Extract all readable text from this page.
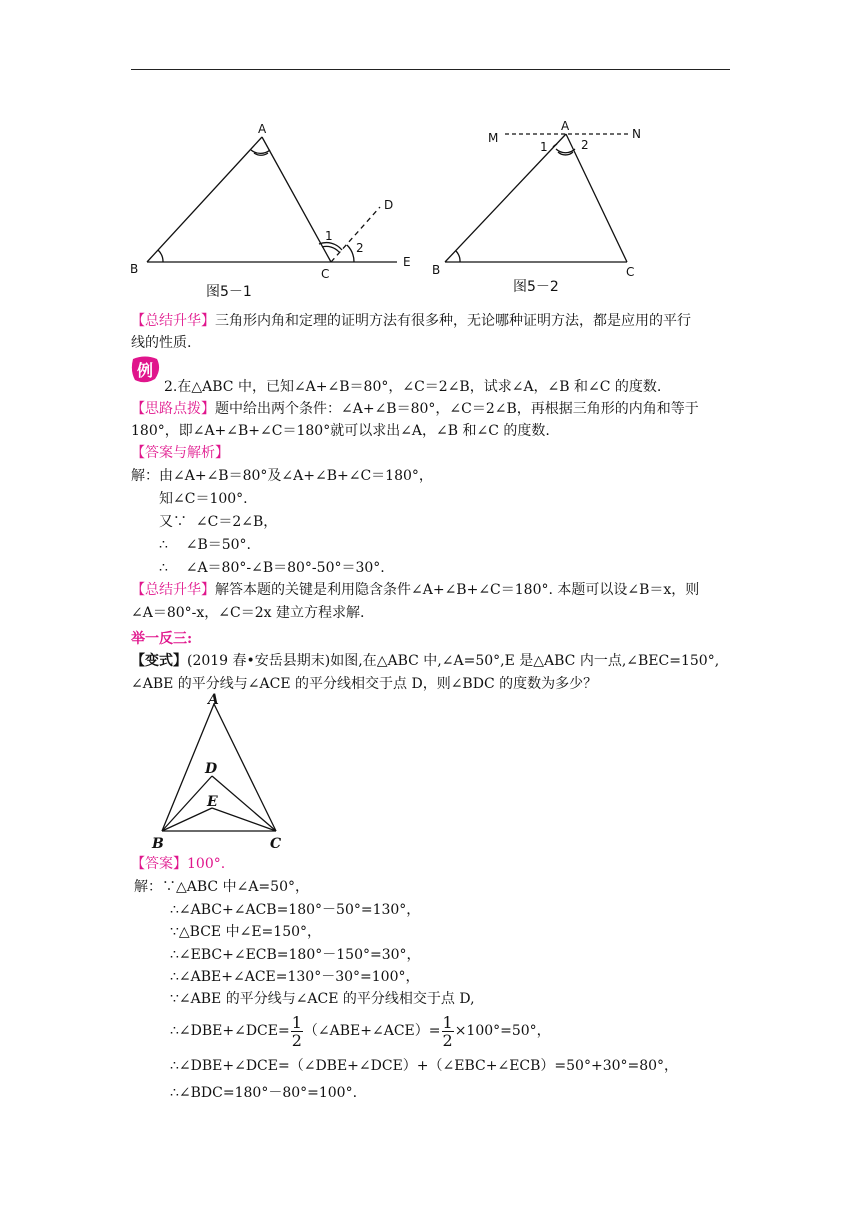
A
B	C
D
E
1
2
图5－1
A
M	N
1	2
B	C
图5－2
【总结升华】三角形内角和定理的证明方法有很多种，无论哪种证明方法，都是应用的平行
线的性质.
例
2.在△ABC 中，已知∠A+∠B＝80°，∠C＝2∠B，试求∠A，∠B 和∠C 的度数.
【思路点拨】题中给出两个条件：∠A+∠B＝80°，∠C＝2∠B，再根据三角形的内角和等于
180°，即∠A+∠B+∠C＝180°就可以求出∠A，∠B 和∠C 的度数.
【答案与解析】
解：由∠A+∠B＝80°及∠A+∠B+∠C＝180°，
知∠C＝100°.
又∵  ∠C＝2∠B，
∴    ∠B＝50°.
∴    ∠A＝80°-∠B＝80°-50°＝30°.
【总结升华】解答本题的关键是利用隐含条件∠A+∠B+∠C＝180°. 本题可以设∠B＝x，则
∠A＝80°-x，∠C＝2x 建立方程求解.
举一反三:
【变式】(2019 春•安岳县期末)如图,在△ABC 中,∠A=50°,E 是△ABC 内一点,∠BEC=150°,
∠ABE 的平分线与∠ACE 的平分线相交于点 D，则∠BDC 的度数为多少？
A
D
E
B	C
【答案】100°.
解：∵△ABC 中∠A=50°，
∴∠ABC+∠ACB=180°－50°=130°，
∵△BCE 中∠E=150°，
∴∠EBC+∠ECB=180°－150°=30°，
∴∠ABE+∠ACE=130°－30°=100°，
∵∠ABE 的平分线与∠ACE 的平分线相交于点 D,
∴∠DBE+∠DCE= $\frac{1}{2}$ （∠ABE+∠ACE）= $\frac{1}{2} \times 100^\circ=50^\circ$，
∴∠DBE+∠DCE=（∠DBE+∠DCE）+（∠EBC+∠ECB）=50°+30°=80°，
∴∠BDC=180°－80°=100°.
